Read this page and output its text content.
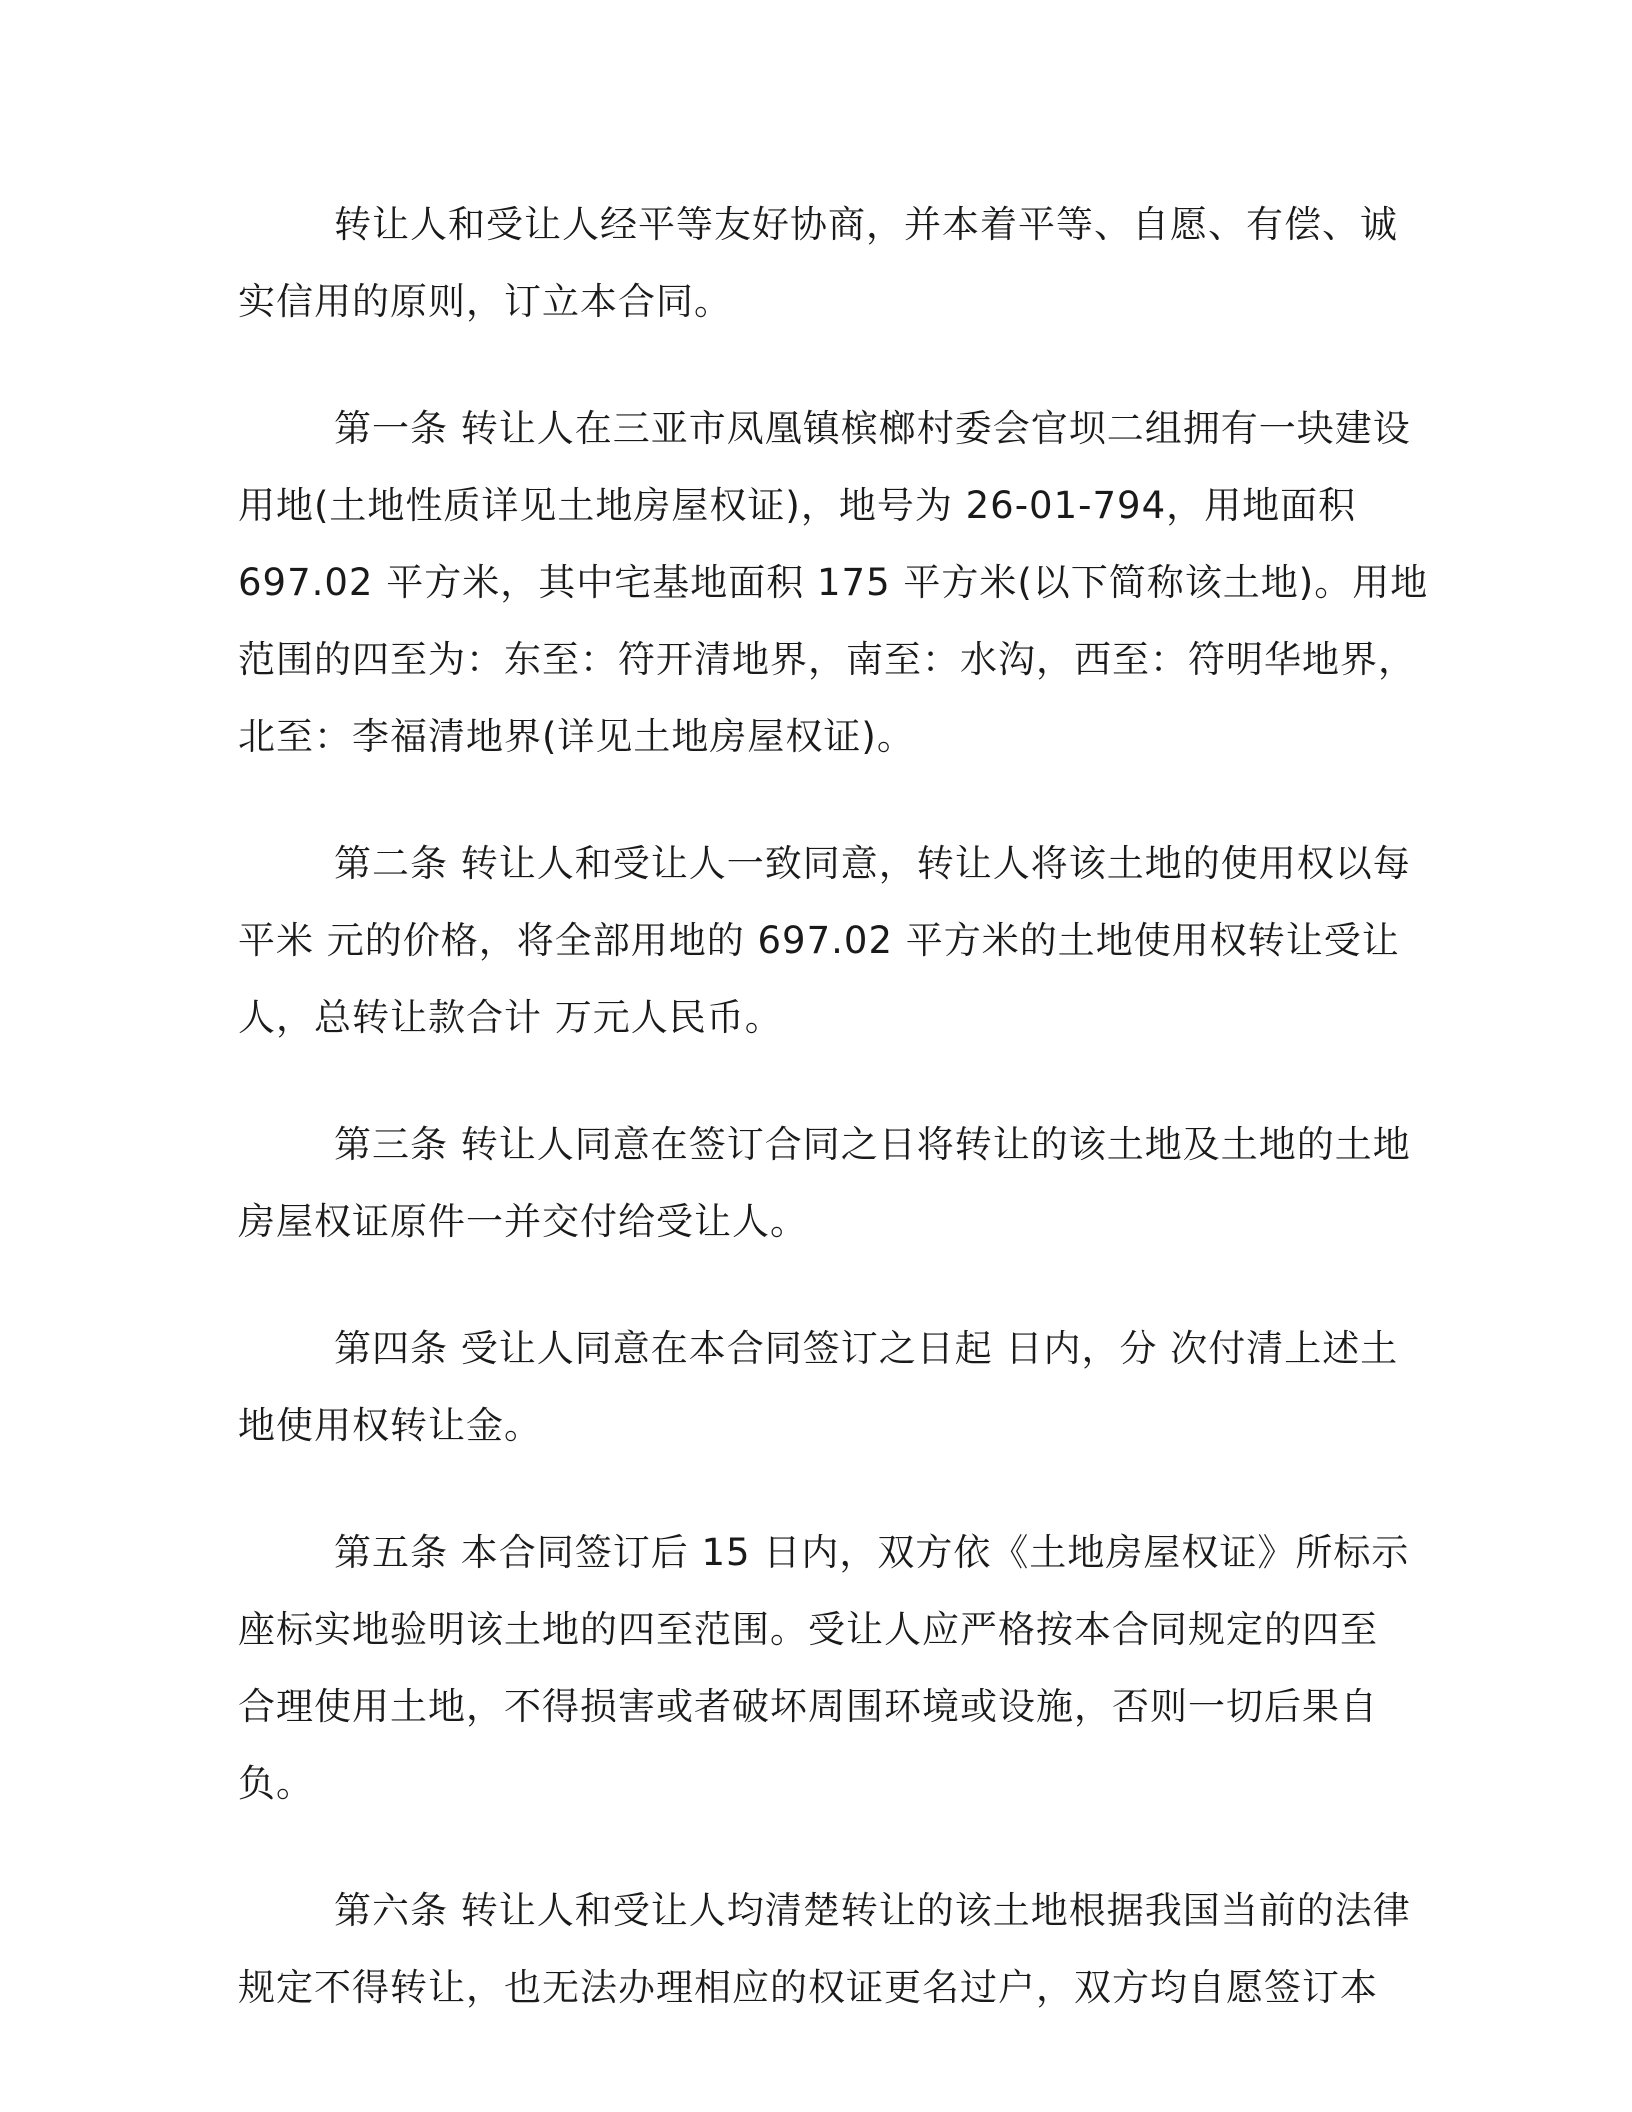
转让人和受让人经平等友好协商，并本着平等、自愿、有偿、诚
实信用的原则，订立本合同。

第一条 转让人在三亚市凤凰镇槟榔村委会官坝二组拥有一块建设
用地(土地性质详见土地房屋权证)，地号为 26-01-794，用地面积
697.02 平方米，其中宅基地面积 175 平方米(以下简称该土地)。用地
范围的四至为：东至：符开清地界，南至：水沟，西至：符明华地界，
北至：李福清地界(详见土地房屋权证)。

第二条 转让人和受让人一致同意，转让人将该土地的使用权以每
平米 元的价格，将全部用地的 697.02 平方米的土地使用权转让受让
人，总转让款合计 万元人民币。

第三条 转让人同意在签订合同之日将转让的该土地及土地的土地
房屋权证原件一并交付给受让人。

第四条 受让人同意在本合同签订之日起 日内，分 次付清上述土
地使用权转让金。

第五条 本合同签订后 15 日内，双方依《土地房屋权证》所标示
座标实地验明该土地的四至范围。受让人应严格按本合同规定的四至
合理使用土地，不得损害或者破坏周围环境或设施，否则一切后果自
负。

第六条 转让人和受让人均清楚转让的该土地根据我国当前的法律
规定不得转让，也无法办理相应的权证更名过户，双方均自愿签订本
